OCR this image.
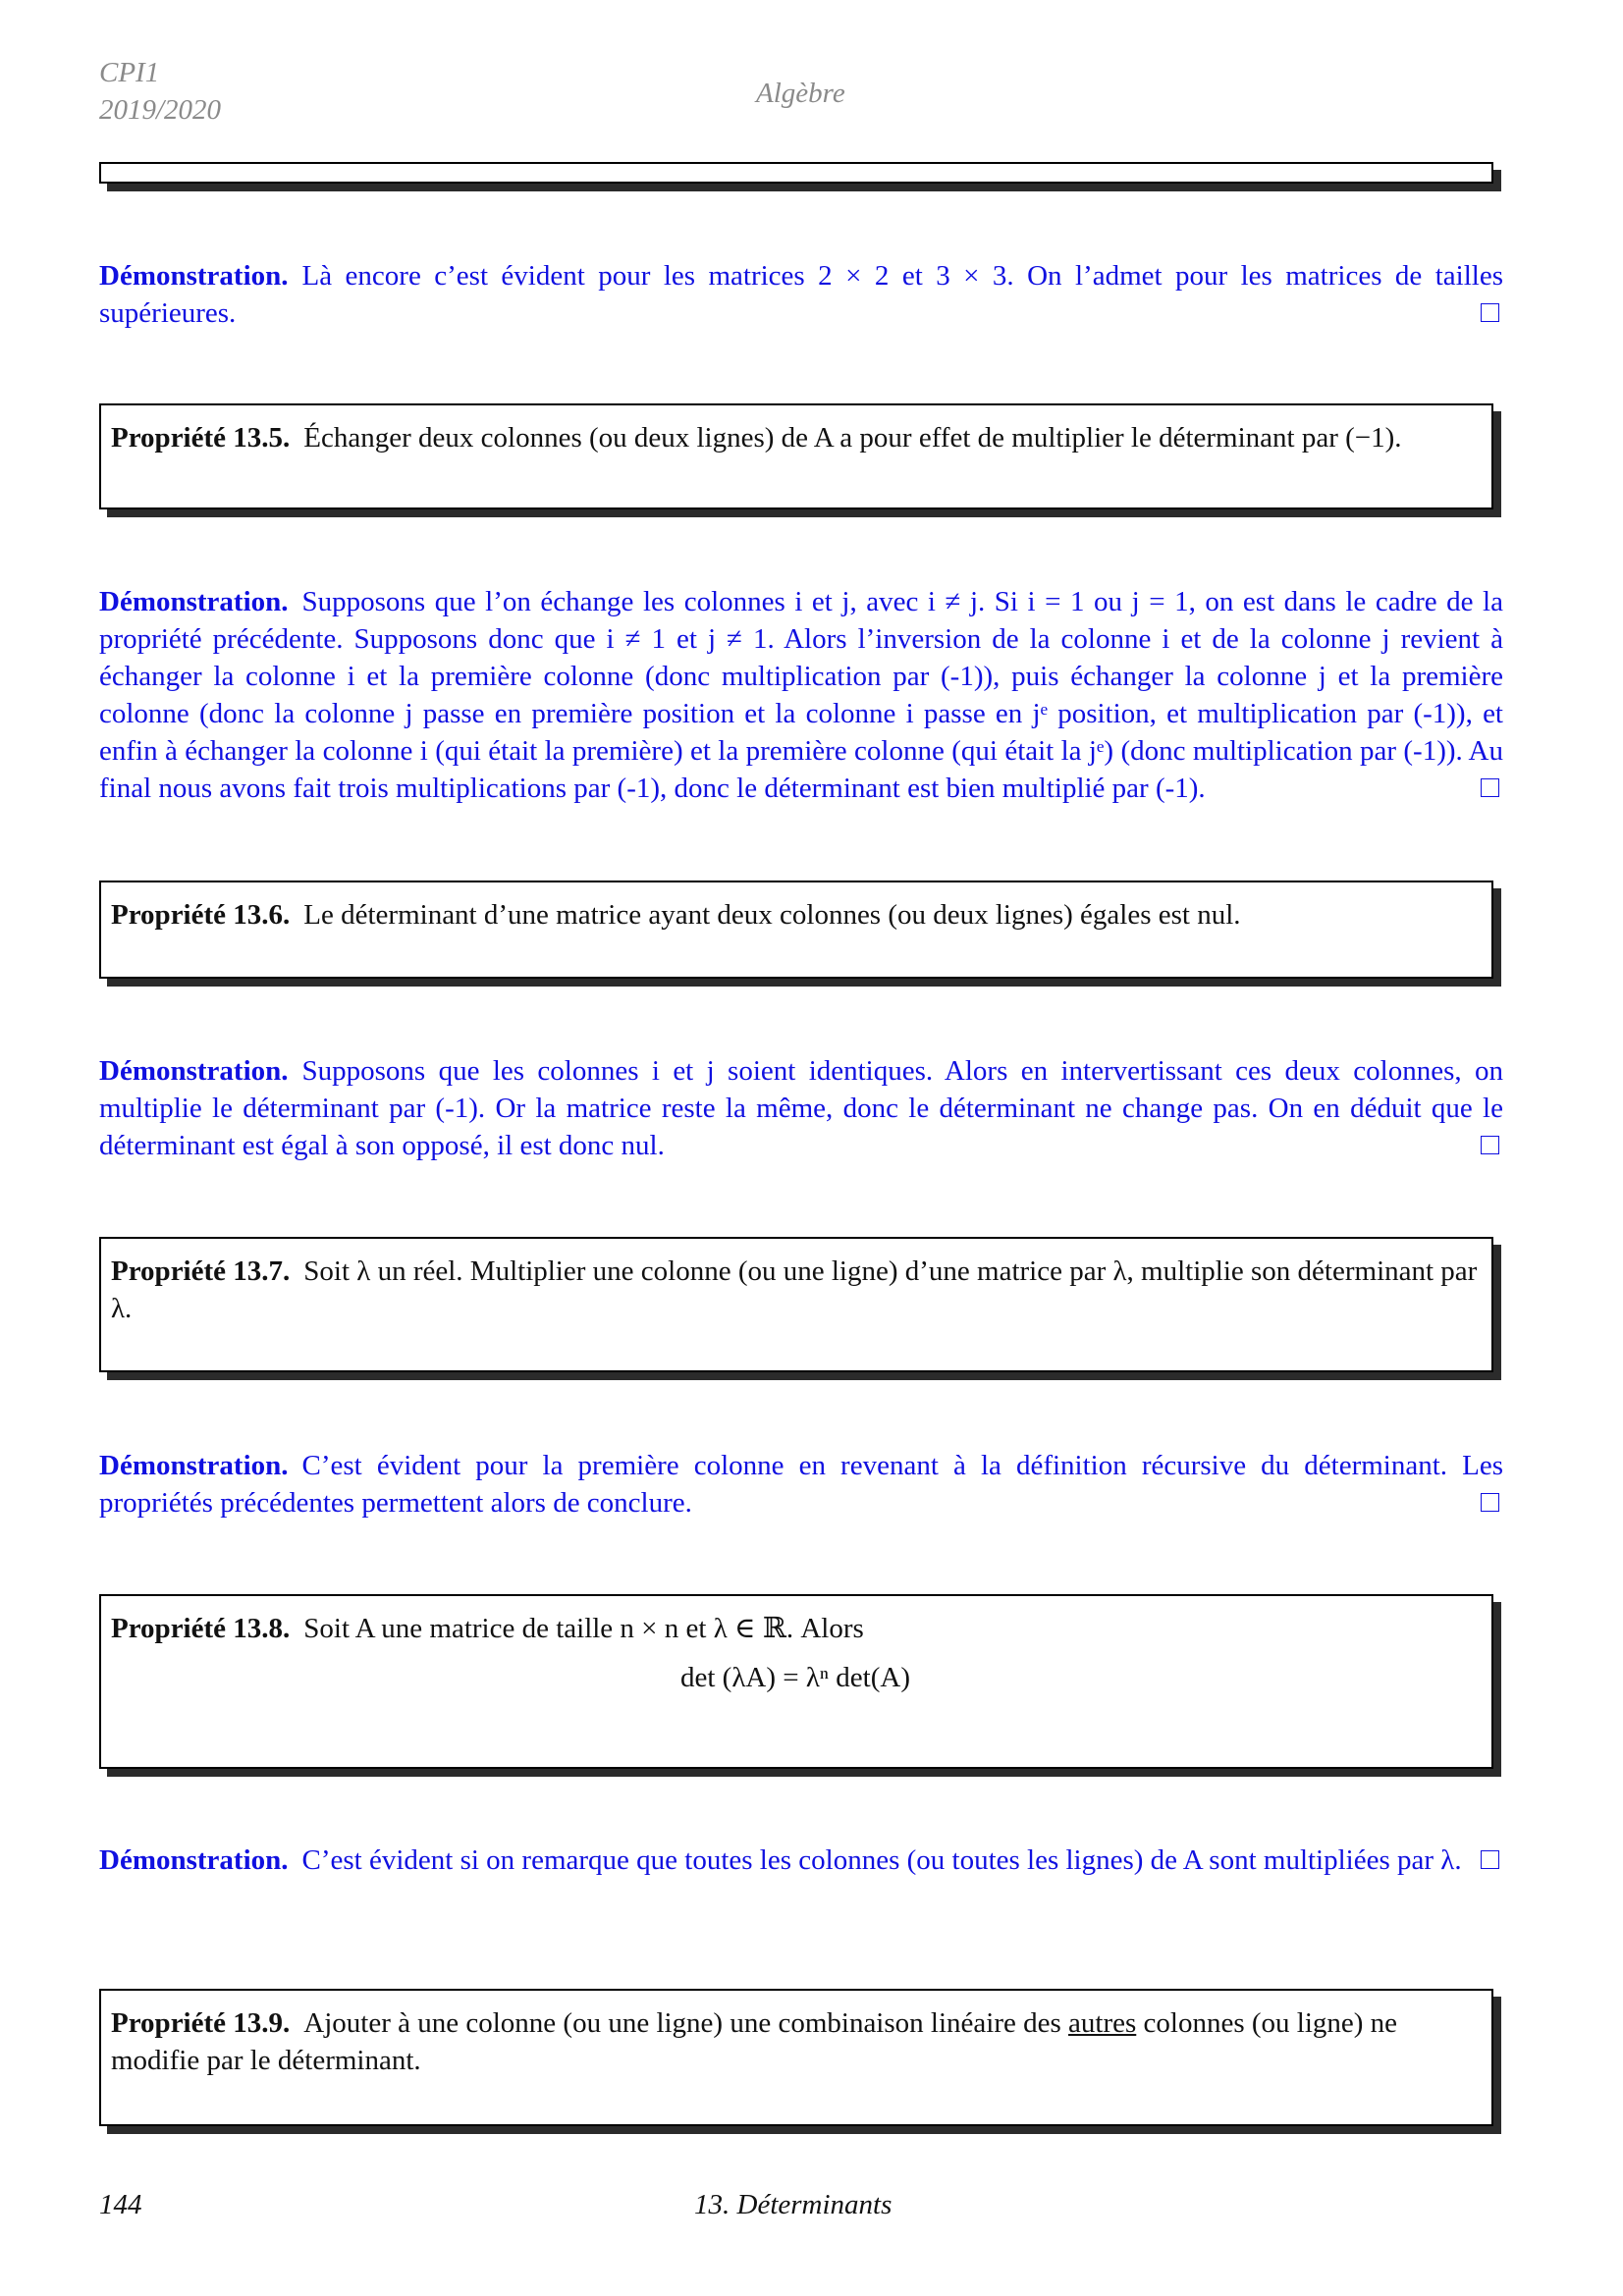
CPI1
2019/2020
Algèbre
Démonstration. Là encore c’est évident pour les matrices 2 × 2 et 3 × 3. On l’admet pour les matrices de tailles supérieures.
Propriété 13.5. Échanger deux colonnes (ou deux lignes) de A a pour effet de multiplier le déterminant par (−1).
Démonstration. Supposons que l’on échange les colonnes i et j, avec i ≠ j. Si i = 1 ou j = 1, on est dans le cadre de la propriété précédente. Supposons donc que i ≠ 1 et j ≠ 1. Alors l’inversion de la colonne i et de la colonne j revient à échanger la colonne i et la première colonne (donc multiplication par (-1)), puis échanger la colonne j et la première colonne (donc la colonne j passe en première position et la colonne i passe en jᵉ position, et multiplication par (-1)), et enfin à échanger la colonne i (qui était la première) et la première colonne (qui était la jᵉ) (donc multiplication par (-1)). Au final nous avons fait trois multiplications par (-1), donc le déterminant est bien multiplié par (-1).
Propriété 13.6. Le déterminant d’une matrice ayant deux colonnes (ou deux lignes) égales est nul.
Démonstration. Supposons que les colonnes i et j soient identiques. Alors en intervertissant ces deux colonnes, on multiplie le déterminant par (-1). Or la matrice reste la même, donc le déterminant ne change pas. On en déduit que le déterminant est égal à son opposé, il est donc nul.
Propriété 13.7. Soit λ un réel. Multiplier une colonne (ou une ligne) d’une matrice par λ, multiplie son déterminant par λ.
Démonstration. C’est évident pour la première colonne en revenant à la définition récursive du déterminant. Les propriétés précédentes permettent alors de conclure.
Propriété 13.8. Soit A une matrice de taille n × n et λ ∈ ℝ. Alors
det (λA) = λⁿ det(A)
Démonstration. C’est évident si on remarque que toutes les colonnes (ou toutes les lignes) de A sont multipliées par λ.
Propriété 13.9. Ajouter à une colonne (ou une ligne) une combinaison linéaire des autres colonnes (ou ligne) ne modifie par le déterminant.
144	13. Déterminants
